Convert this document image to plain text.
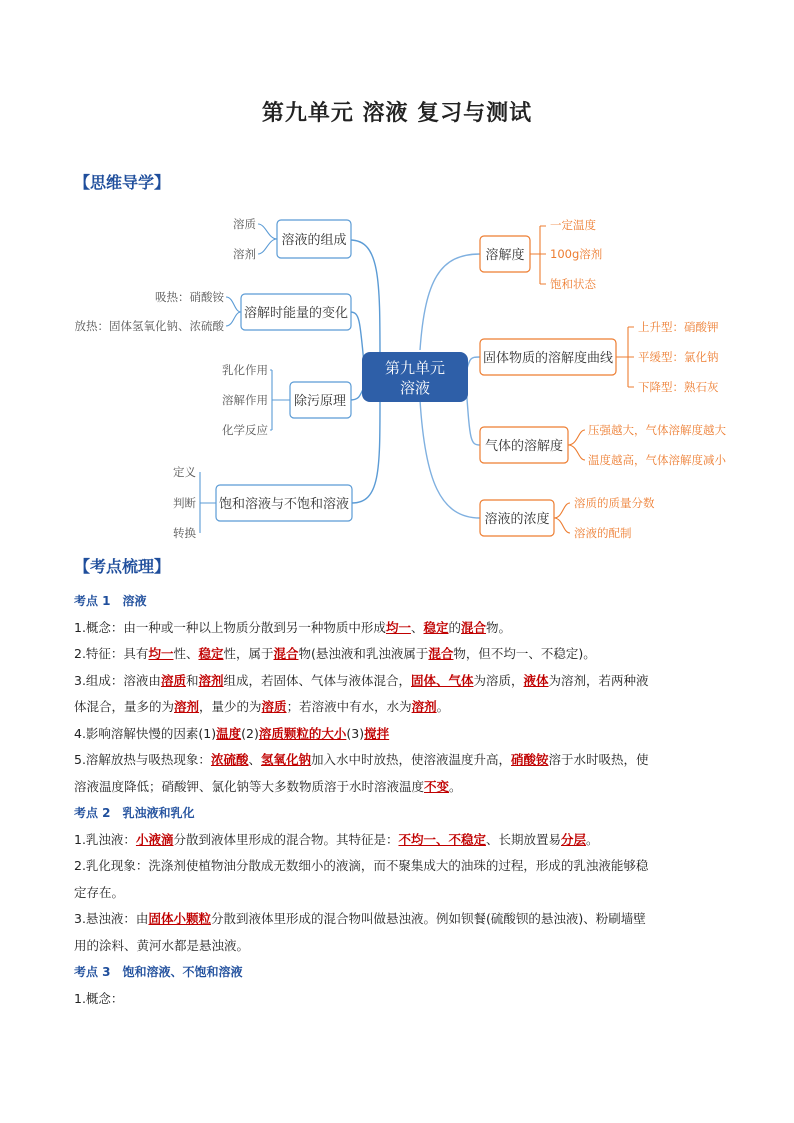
第九单元 溶液 复习与测试
【思维导学】
第九单元
溶液
溶液的组成
溶解时能量的变化
除污原理
饱和溶液与不饱和溶液
溶解度
固体物质的溶解度曲线
气体的溶解度
溶液的浓度
溶质
溶剂
吸热：硝酸铵
放热：固体氢氧化钠、浓硫酸
乳化作用
溶解作用
化学反应
定义
判断
转换
一定温度
100g溶剂
饱和状态
上升型：硝酸钾
平缓型：氯化钠
下降型：熟石灰
压强越大，气体溶解度越大
温度越高，气体溶解度减小
溶质的质量分数
溶液的配制
【考点梳理】

考点 1 溶液

1.概念：由一种或一种以上物质分散到另一种物质中形成均一、稳定的混合物。

2.特征：具有均一性、稳定性，属于混合物(悬浊液和乳浊液属于混合物，但不均一、不稳定)。

3.组成：溶液由溶质和溶剂组成，若固体、气体与液体混合，固体、气体为溶质，液体为溶剂，若两种液

体混合，量多的为溶剂，量少的为溶质；若溶液中有水，水为溶剂。

4.影响溶解快慢的因素(1)温度(2)溶质颗粒的大小(3)搅拌

5.溶解放热与吸热现象：浓硫酸、氢氧化钠加入水中时放热，使溶液温度升高，硝酸铵溶于水时吸热，使

溶液温度降低；硝酸钾、氯化钠等大多数物质溶于水时溶液温度不变。

考点 2 乳浊液和乳化

1.乳浊液：小液滴分散到液体里形成的混合物。其特征是：不均一、不稳定、长期放置易分层。

2.乳化现象：洗涤剂使植物油分散成无数细小的液滴，而不聚集成大的油珠的过程，形成的乳浊液能够稳

定存在。

3.悬浊液：由固体小颗粒分散到液体里形成的混合物叫做悬浊液。例如钡餐(硫酸钡的悬浊液)、粉刷墙壁

用的涂料、黄河水都是悬浊液。

考点 3 饱和溶液、不饱和溶液

1.概念：
